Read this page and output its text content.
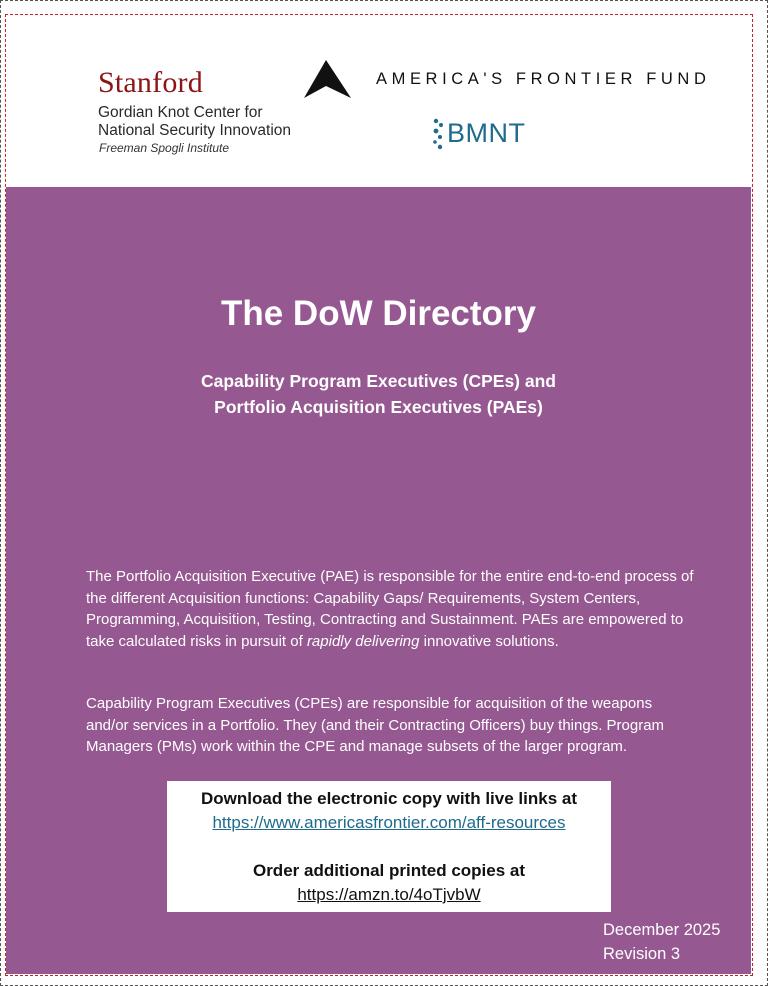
Stanford
Gordian Knot Center for
National Security Innovation
Freeman Spogli Institute
AMERICA'S FRONTIER FUND
BMNT
The DoW Directory
Capability Program Executives (CPEs) and
Portfolio Acquisition Executives (PAEs)
The Portfolio Acquisition Executive (PAE) is responsible for the entire end-to-end process of the different Acquisition functions: Capability Gaps/ Requirements, System Centers, Programming, Acquisition, Testing, Contracting and Sustainment. PAEs are empowered to take calculated risks in pursuit of rapidly delivering innovative solutions.
Capability Program Executives (CPEs) are responsible for acquisition of the weapons and/or services in a Portfolio. They (and their Contracting Officers) buy things. Program Managers (PMs) work within the CPE and manage subsets of the larger program.
Download the electronic copy with live links at
https://www.americasfrontier.com/aff-resources
Order additional printed copies at
https://amzn.to/4oTjvbW
December 2025
Revision 3
